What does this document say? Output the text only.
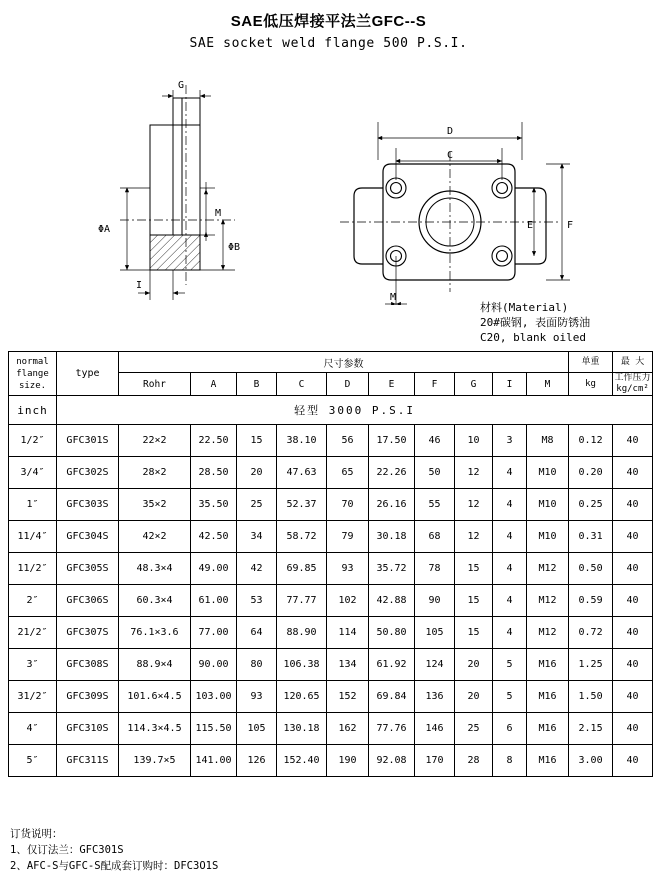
SAE低压焊接平法兰GFC--S
SAE socket weld flange 500 P.S.I.
G
M
ΦA
ΦB
I
D
C
E	F
M
材料(Material)
20#碳钢, 表面防锈油
C20, blank oiled
normal flange size.	type	尺寸参数										单重	最 大

		Rohr	A	B	C	D	E	F	G	I	M	kg	工作压力
kg/cm²

inch	轻型 3000 P.S.I												
1/2″	GFC301S	22×2	22.50	15	38.10	56	17.50	46	10	3	M8	0.12	40
3/4″	GFC302S	28×2	28.50	20	47.63	65	22.26	50	12	4	M10	0.20	40
1″	GFC303S	35×2	35.50	25	52.37	70	26.16	55	12	4	M10	0.25	40
11/4″	GFC304S	42×2	42.50	34	58.72	79	30.18	68	12	4	M10	0.31	40
11/2″	GFC305S	48.3×4	49.00	42	69.85	93	35.72	78	15	4	M12	0.50	40
2″	GFC306S	60.3×4	61.00	53	77.77	102	42.88	90	15	4	M12	0.59	40
21/2″	GFC307S	76.1×3.6	77.00	64	88.90	114	50.80	105	15	4	M12	0.72	40
3″	GFC308S	88.9×4	90.00	80	106.38	134	61.92	124	20	5	M16	1.25	40
31/2″	GFC309S	101.6×4.5	103.00	93	120.65	152	69.84	136	20	5	M16	1.50	40
4″	GFC310S	114.3×4.5	115.50	105	130.18	162	77.76	146	25	6	M16	2.15	40
5″	GFC311S	139.7×5	141.00	126	152.40	190	92.08	170	28	8	M16	3.00	40
订货说明：
1、仅订法兰：GFC301S
2、AFC-S与GFC-S配成套订购时：DFC3O1S
